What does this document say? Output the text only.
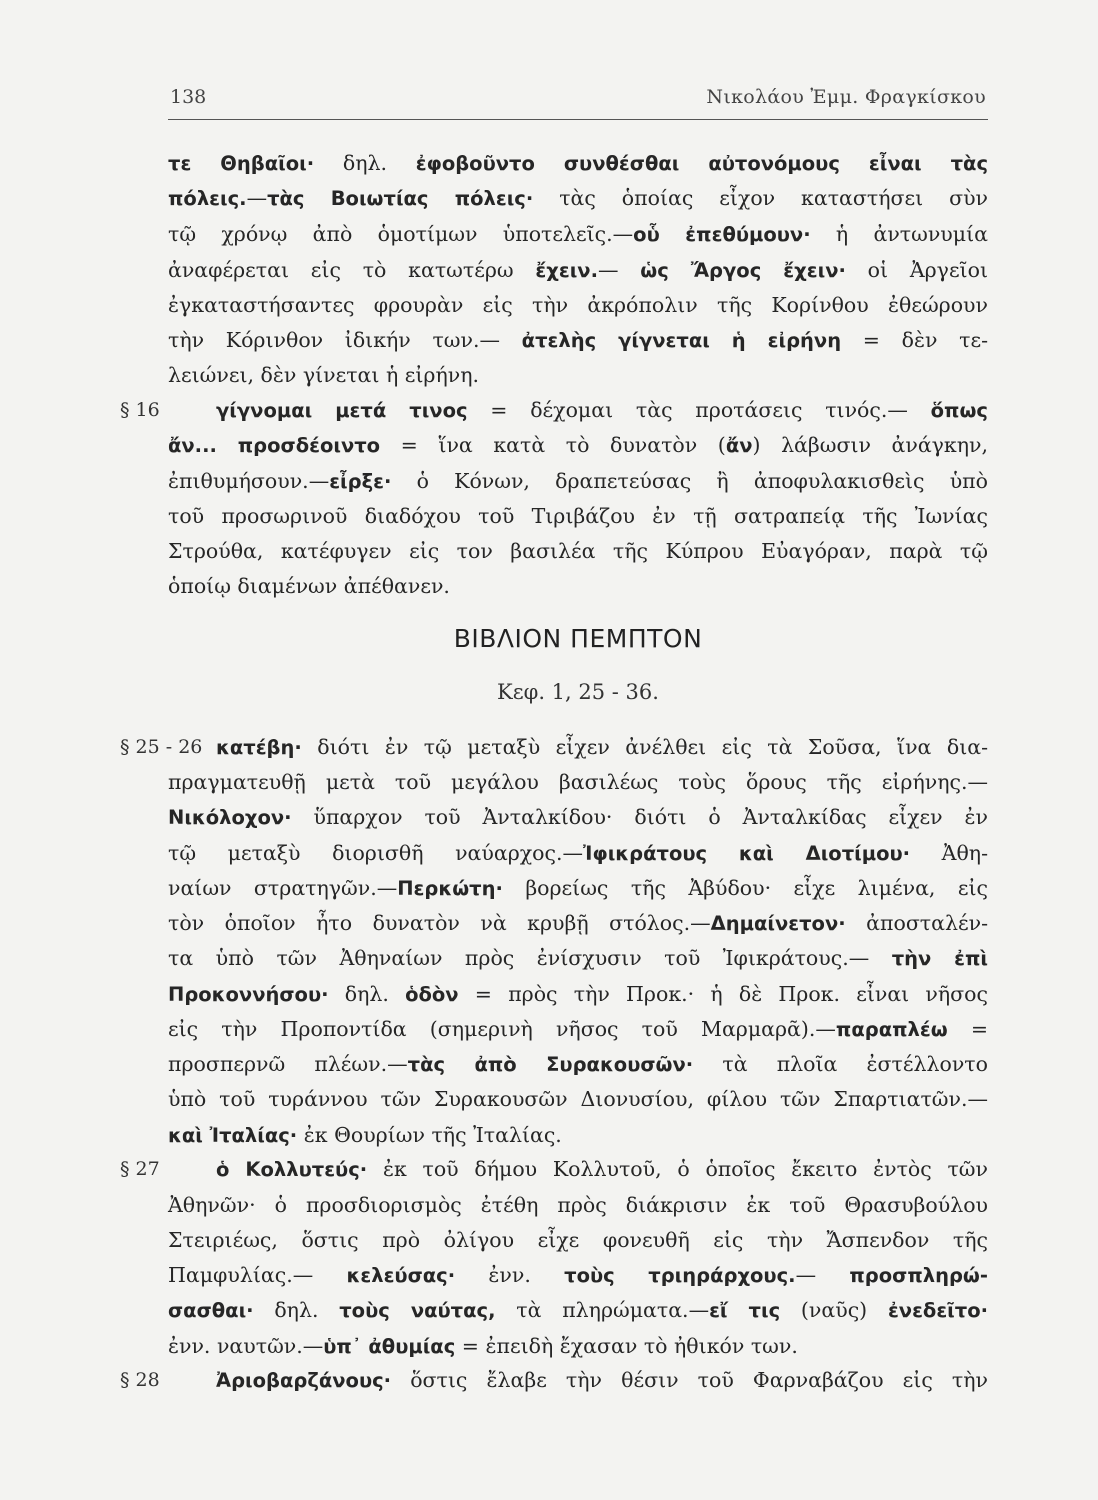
138	Νικολάου Ἐμμ. Φραγκίσκου
τε Θηβαῖοι· δηλ. ἐφοβοῦντο συνθέσθαι αὐτονόμους εἶναι τὰς
πόλεις.—τὰς Βοιωτίας πόλεις· τὰς ὁποίας εἶχον καταστήσει σὺν
τῷ χρόνῳ ἀπὸ ὁμοτίμων ὑποτελεῖς.—οὗ ἐπεθύμουν· ἡ ἀντωνυμία
ἀναφέρεται εἰς τὸ κατωτέρω ἔχειν.— ὡς Ἄργος ἔχειν· οἱ Ἀργεῖοι
ἐγκαταστήσαντες φρουρὰν εἰς τὴν ἀκρόπολιν τῆς Κορίνθου ἐθεώρουν
τὴν Κόρινθον ἰδικήν των.— ἀτελὴς γίγνεται ἡ εἰρήνη = δὲν τε-
λειώνει, δὲν γίνεται ἡ εἰρήνη.
§ 16	γίγνομαι μετά τινος = δέχομαι τὰς προτάσεις τινός.— ὅπως
ἄν... προσδέοιντο = ἵνα κατὰ τὸ δυνατὸν (ἄν) λάβωσιν ἀνάγκην,
ἐπιθυμήσουν.—εἶρξε· ὁ Κόνων, δραπετεύσας ἢ ἀποφυλακισθεὶς ὑπὸ
τοῦ προσωρινοῦ διαδόχου τοῦ Τιριβάζου ἐν τῇ σατραπείᾳ τῆς Ἰωνίας
Στρούθα, κατέφυγεν εἰς τον βασιλέα τῆς Κύπρου Εὐαγόραν, παρὰ τῷ
ὁποίῳ διαμένων ἀπέθανεν.
ΒΙΒΛΙΟΝ ΠΕΜΠΤΟΝ
Κεφ. 1, 25 - 36.
§ 25 - 26 κατέβη· διότι ἐν τῷ μεταξὺ εἶχεν ἀνέλθει εἰς τὰ Σοῦσα, ἵνα δια-
πραγματευθῇ μετὰ τοῦ μεγάλου βασιλέως τοὺς ὅρους τῆς εἰρήνης.—
Νικόλοχον· ὕπαρχον τοῦ Ἀνταλκίδου· διότι ὁ Ἀνταλκίδας εἶχεν ἐν
τῷ μεταξὺ διορισθῆ ναύαρχος.—Ἰφικράτους καὶ Διοτίμου· Ἀθη-
ναίων στρατηγῶν.—Περκώτη· βορείως τῆς Ἀβύδου· εἶχε λιμένα, εἰς
τὸν ὁποῖον ἦτο δυνατὸν νὰ κρυβῇ στόλος.—Δημαίνετον· ἀποσταλέν-
τα ὑπὸ τῶν Ἀθηναίων πρὸς ἐνίσχυσιν τοῦ Ἰφικράτους.— τὴν ἐπὶ
Προκοννήσου· δηλ. ὁδὸν = πρὸς τὴν Προκ.· ἡ δὲ Προκ. εἶναι νῆσος
εἰς τὴν Προποντίδα (σημερινὴ νῆσος τοῦ Μαρμαρᾶ).—παραπλέω =
προσπερνῶ πλέων.—τὰς ἀπὸ Συρακουσῶν· τὰ πλοῖα ἐστέλλοντο
ὑπὸ τοῦ τυράννου τῶν Συρακουσῶν Διονυσίου, φίλου τῶν Σπαρτιατῶν.—
καὶ Ἰταλίας· ἐκ Θουρίων τῆς Ἰταλίας.
§ 27	ὁ Κολλυτεύς· ἐκ τοῦ δήμου Κολλυτοῦ, ὁ ὁποῖος ἔκειτο ἐντὸς τῶν
Ἀθηνῶν· ὁ προσδιορισμὸς ἐτέθη πρὸς διάκρισιν ἐκ τοῦ Θρασυβούλου
Στειριέως, ὅστις πρὸ ὀλίγου εἶχε φονευθῆ εἰς τὴν Ἄσπενδον τῆς
Παμφυλίας.— κελεύσας· ἐνν. τοὺς τριηράρχους.— προσπληρώ-
σασθαι· δηλ. τοὺς ναύτας, τὰ πληρώματα.—εἴ τις (ναῦς) ἐνεδεῖτο·
ἐνν. ναυτῶν.—ὑπ᾽ ἀθυμίας = ἐπειδὴ ἔχασαν τὸ ἠθικόν των.
§ 28	Ἀριοβαρζάνους· ὅστις ἔλαβε τὴν θέσιν τοῦ Φαρναβάζου εἰς τὴν
